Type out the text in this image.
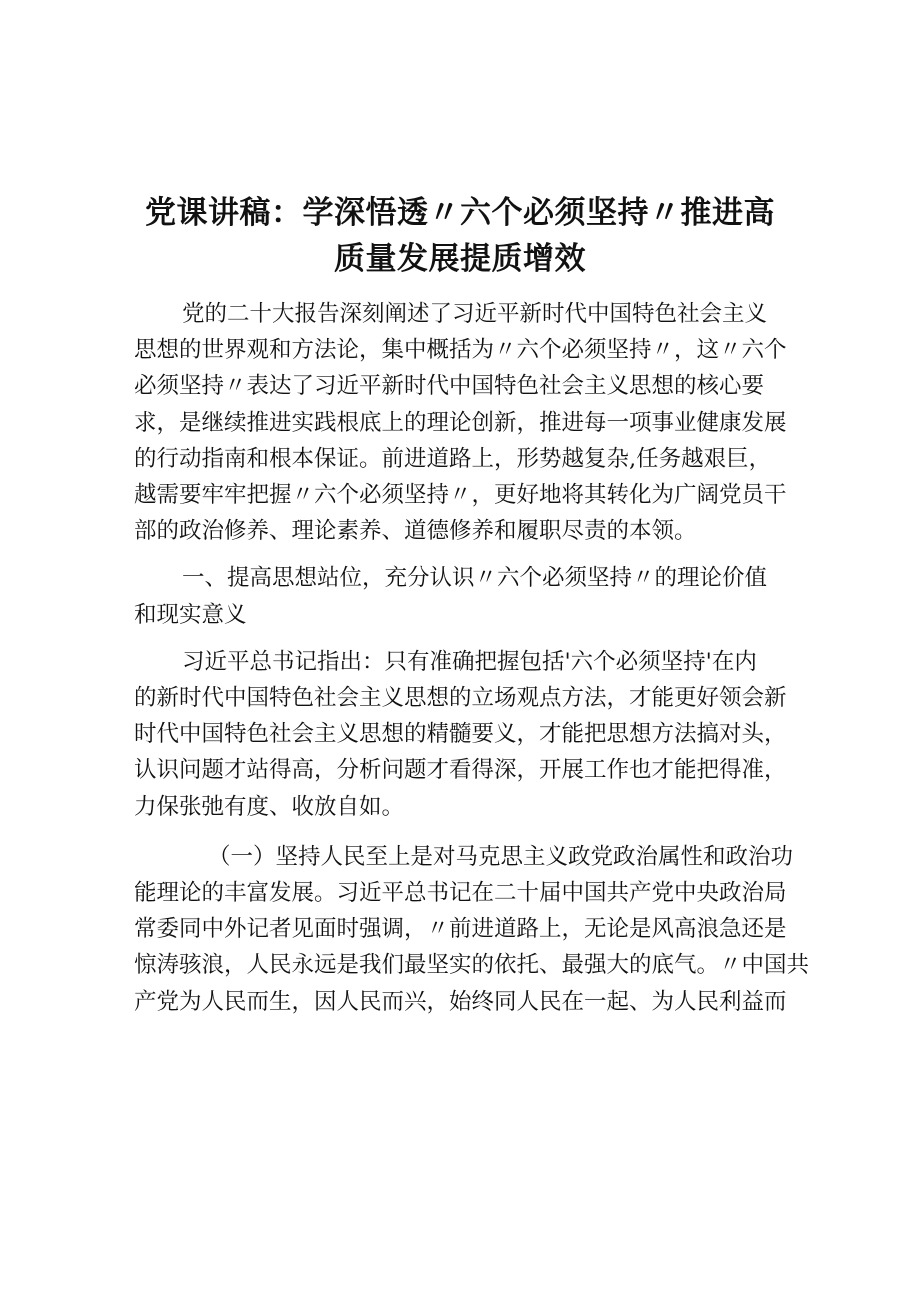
党课讲稿：学深悟透〃六个必须坚持〃推进高
质量发展提质增效

党的二十大报告深刻阐述了习近平新时代中国特色社会主义
思想的世界观和方法论，集中概括为〃六个必须坚持〃，这〃六个
必须坚持〃表达了习近平新时代中国特色社会主义思想的核心要
求，是继续推进实践根底上的理论创新，推进每一项事业健康发展
的行动指南和根本保证。前进道路上，形势越复杂,任务越艰巨，
越需要牢牢把握〃六个必须坚持〃，更好地将其转化为广阔党员干
部的政治修养、理论素养、道德修养和履职尽责的本领。

一、提高思想站位，充分认识〃六个必须坚持〃的理论价值
和现实意义

习近平总书记指出：只有准确把握包括'六个必须坚持'在内
的新时代中国特色社会主义思想的立场观点方法，才能更好领会新
时代中国特色社会主义思想的精髓要义，才能把思想方法搞对头，
认识问题才站得高，分析问题才看得深，开展工作也才能把得准，
力保张弛有度、收放自如。

（一）坚持人民至上是对马克思主义政党政治属性和政治功
能理论的丰富发展。习近平总书记在二十届中国共产党中央政治局
常委同中外记者见面时强调，〃前进道路上，无论是风高浪急还是
惊涛骇浪，人民永远是我们最坚实的依托、最强大的底气。〃中国共
产党为人民而生，因人民而兴，始终同人民在一起、为人民利益而
